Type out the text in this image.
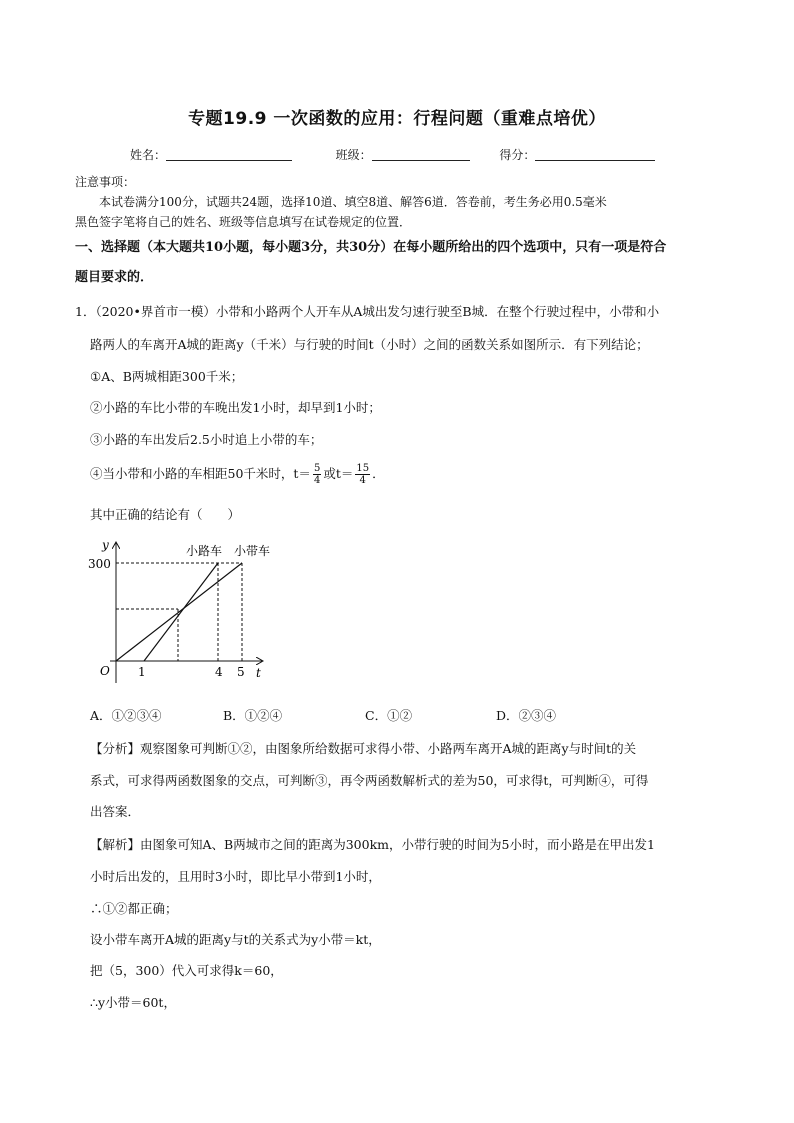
专题19.9 一次函数的应用：行程问题（重难点培优）
姓名：	班级：	得分：
注意事项：
本试卷满分100分，试题共24题，选择10道、填空8道、解答6道．答卷前，考生务必用0.5毫米
黑色签字笔将自己的姓名、班级等信息填写在试卷规定的位置．
一、选择题（本大题共10小题，每小题3分，共30分）在每小题所给出的四个选项中，只有一项是符合
题目要求的．
1．（2020•界首市一模）小带和小路两个人开车从A城出发匀速行驶至B城．在整个行驶过程中，小带和小
路两人的车离开A城的距离y（千米）与行驶的时间t（小时）之间的函数关系如图所示．有下列结论；
①A、B两城相距300千米；
②小路的车比小带的车晚出发1小时，却早到1小时；
③小路的车出发后2.5小时追上小带的车；
④当小带和小路的车相距50千米时，$t= \frac{5}{4}$ 或$t= \frac{15}{4}$ ．
其中正确的结论有（　　）
y
t
O
300
1	4 5
小路车 小带车
A．①②③④	B．①②④	C．①②	D．②③④
【分析】观察图象可判断①②，由图象所给数据可求得小带、小路两车离开A城的距离y与时间t的关
系式，可求得两函数图象的交点，可判断③，再令两函数解析式的差为50，可求得t，可判断④，可得
出答案．
【解析】由图象可知A、B两城市之间的距离为300km，小带行驶的时间为5小时，而小路是在甲出发1
小时后出发的，且用时3小时，即比早小带到1小时，
∴①②都正确；
设小带车离开A城的距离y与t的关系式为y小带＝kt，
把（5，300）代入可求得k＝60，
∴y小带＝60t，
